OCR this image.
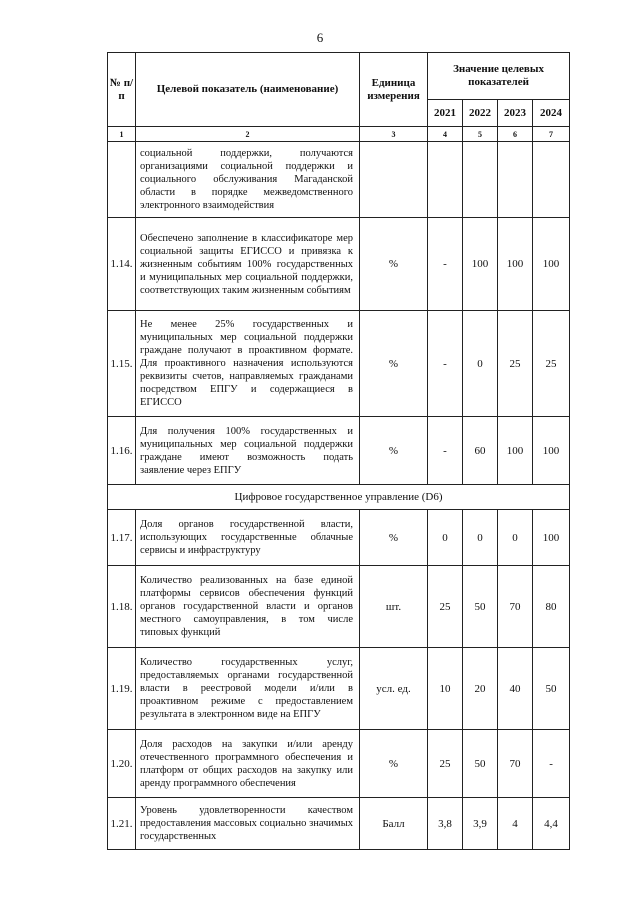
6
№ п/п	Целевой показатель (наименование)	Единица измерения	Значение целевых показателей			
			2021	2022	2023	2024
1	2	3	4	5	6	7

	социальной поддержки, получаются организациями социальной поддержки и социального обслуживания Магаданской области в порядке межведомственного электронного взаимодействия					

1.14.	Обеспечено заполнение в классификаторе мер социальной защиты ЕГИССО и привязка к жизненным событиям 100% государственных и муниципальных мер социальной поддержки, соответствующих таким жизненным событиям	%	-	100	100	100
1.15.	Не менее 25% государственных и муниципальных мер социальной поддержки граждане получают в проактивном формате. Для проактивного назначения используются реквизиты счетов, направляемых гражданами посредством ЕПГУ и содержащиеся в ЕГИССО	%	-	0	25	25
1.16.	Для получения 100% государственных и муниципальных мер социальной поддержки граждане имеют возможность подать заявление через ЕПГУ	%	-	60	100	100
Цифровое государственное управление (D6)						
1.17.	Доля органов государственной власти, использующих государственные облачные сервисы и инфраструктуру	%	0	0	0	100
1.18.	Количество реализованных на базе единой платформы сервисов обеспечения функций органов государственной власти и органов местного самоуправления, в том числе типовых функций	шт.	25	50	70	80
1.19.	Количество государственных услуг, предоставляемых органами государственной власти в реестровой модели и/или в проактивном режиме с предоставлением результата в электронном виде на ЕПГУ	усл. ед.	10	20	40	50
1.20.	Доля расходов на закупки и/или аренду отечественного программного обеспечения и платформ от общих расходов на закупку или аренду программного обеспечения	%	25	50	70	-
1.21.	Уровень удовлетворенности качеством предоставления массовых социально значимых государственных	Балл	3,8	3,9	4	4,4
